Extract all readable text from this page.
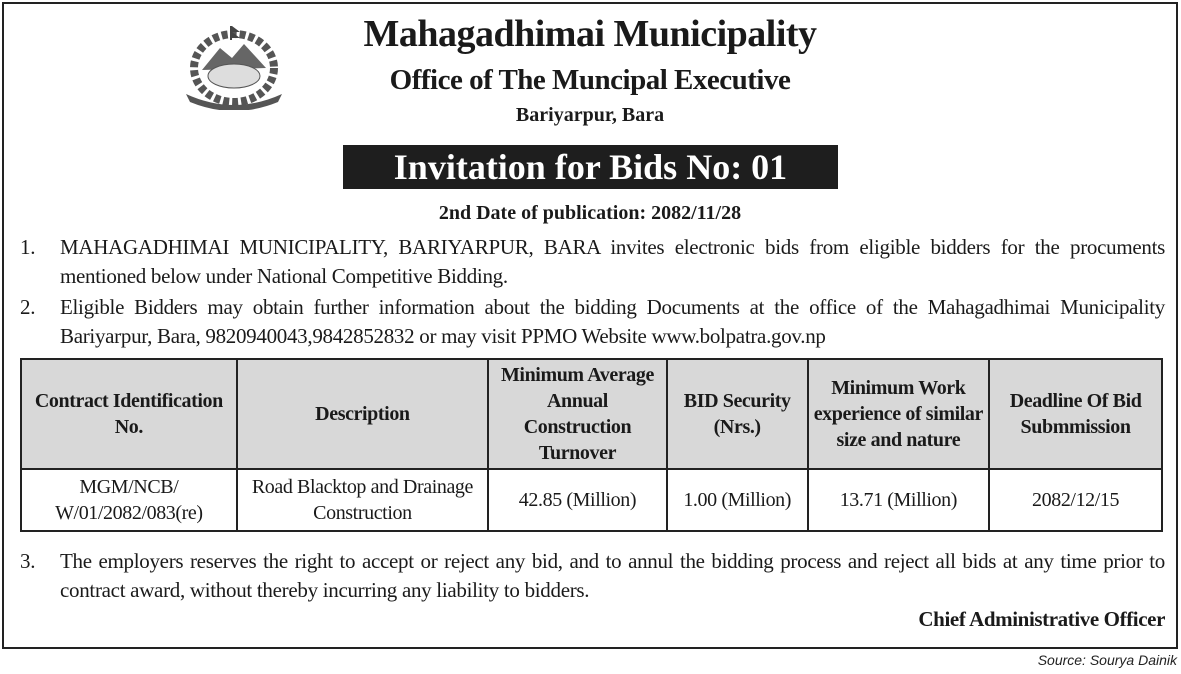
Mahagadhimai Municipality
Office of The Muncipal Executive
Bariyarpur, Bara
Invitation for Bids No: 01
2nd Date of publication: 2082/11/28
1. MAHAGADHIMAI MUNICIPALITY, BARIYARPUR, BARA invites electronic bids from eligible bidders for the procuments mentioned below under National Competitive Bidding.
2. Eligible Bidders may obtain further information about the bidding Documents at the office of the Mahagadhimai Municipality Bariyarpur, Bara, 9820940043,9842852832 or may visit PPMO Website www.bolpatra.gov.np
Contract Identification No.	Description	Minimum Average Annual Construction Turnover	BID Security (Nrs.)	Minimum Work experience of similar size and nature	Deadline Of Bid Submmission
MGM/NCB/ W/01/2082/083(re)	Road Blacktop and Drainage Construction	42.85 (Million)	1.00 (Million)	13.71 (Million)	2082/12/15
3. The employers reserves the right to accept or reject any bid, and to annul the bidding process and reject all bids at any time prior to contract award, without thereby incurring any liability to bidders.
Chief Administrative Officer
Source: Sourya Dainik
